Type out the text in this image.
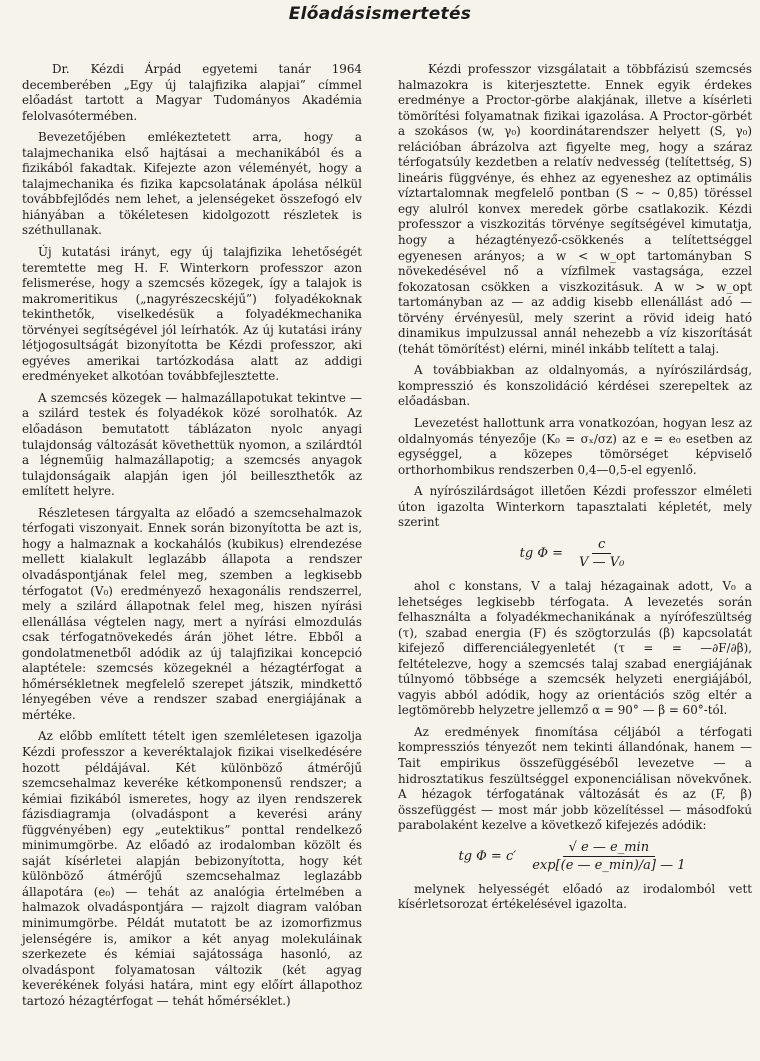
Előadásismertetés

Dr. Kézdi Árpád egyetemi tanár 1964 decemberében „Egy új talajfizika alapjai” címmel előadást tartott a Magyar Tudományos Akadémia felolvasótermében.

Bevezetőjében emlékeztetett arra, hogy a talajmechanika első hajtásai a mechanikából és a fizikából fakadtak. Kifejezte azon véleményét, hogy a talajmechanika és fizika kapcsolatának ápolása nélkül továbbfejlődés nem lehet, a jelenségeket összefogó elv hiányában a tökéletesen kidolgozott részletek is széthullanak.

Új kutatási irányt, egy új talajfizika lehetőségét teremtette meg H. F. Winterkorn professzor azon felismerése, hogy a szemcsés közegek, így a talajok is makromeritikus („nagyrészecskéjű”) folyadékoknak tekinthetők, viselkedésük a folyadékmechanika törvényei segítségével jól leírhatók. Az új kutatási irány létjogosultságát bizonyította be Kézdi professzor, aki egyéves amerikai tartózkodása alatt az addigi eredményeket alkotóan továbbfejlesztette.

A szemcsés közegek — halmazállapotukat tekintve — a szilárd testek és folyadékok közé sorolhatók. Az előadáson bemutatott táblázaton nyolc anyagi tulajdonság változását követhettük nyomon, a szilárdtól a légneműig halmazállapotig; a szemcsés anyagok tulajdonságaik alapján igen jól beilleszthetők az említett helyre.

Részletesen tárgyalta az előadó a szemcsehalmazok térfogati viszonyait. Ennek során bizonyította be azt is, hogy a halmaznak a kockahálós (kubikus) elrendezése mellett kialakult leglazább állapota a rendszer olvadáspontjának felel meg, szemben a legkisebb térfogatot (V₀) eredményező hexagonális rendszerrel, mely a szilárd állapotnak felel meg, hiszen nyírási ellenállása végtelen nagy, mert a nyírási elmozdulás csak térfogatnövekedés árán jöhet létre. Ebből a gondolatmenetből adódik az új talajfizikai koncepció alaptétele: szemcsés közegeknél a hézagtérfogat a hőmérsékletnek megfelelő szerepet játszik, mindkettő lényegében véve a rendszer szabad energiájának a mértéke.

Az előbb említett tételt igen szemléletesen igazolja Kézdi professzor a keveréktalajok fizikai viselkedésére hozott példájával. Két különböző átmérőjű szemcsehalmaz keveréke kétkomponensű rendszer; a kémiai fizikából ismeretes, hogy az ilyen rendszerek fázisdiagramja (olvadáspont a keverési arány függvényében) egy „eutektikus” ponttal rendelkező minimumgörbe. Az előadó az irodalomban közölt és saját kísérletei alapján bebizonyította, hogy két különböző átmérőjű szemcsehalmaz leglazább állapotára (e₀) — tehát az analógia értelmében a halmazok olvadáspontjára — rajzolt diagram valóban minimumgörbe. Példát mutatott be az izomorfizmus jelenségére is, amikor a két anyag molekuláinak szerkezete és kémiai sajátossága hasonló, az olvadáspont folyamatosan változik (két agyag keverékének folyási határa, mint egy előírt állapothoz tartozó hézagtérfogat — tehát hőmérséklet.)

Kézdi professzor vizsgálatait a többfázisú szemcsés halmazokra is kiterjesztette. Ennek egyik érdekes eredménye a Proctor-görbe alakjának, illetve a kísérleti tömörítési folyamatnak fizikai igazolása. A Proctor-görbét a szokásos (w, γ₀) koordinátarendszer helyett (S, γ₀) relációban ábrázolva azt figyelte meg, hogy a száraz térfogatsúly kezdetben a relatív nedvesség (telítettség, S) lineáris függvénye, és ehhez az egyeneshez az optimális víztartalomnak megfelelő pontban (S ∼ ∼ 0,85) töréssel egy alulról konvex meredek görbe csatlakozik. Kézdi professzor a viszkozitás törvénye segítségével kimutatja, hogy a hézagtényező-csökkenés a telítettséggel egyenesen arányos; a w < w_opt tartományban S növekedésével nő a vízfilmek vastagsága, ezzel fokozatosan csökken a viszkozitásuk. A w > w_opt tartományban az — az addig kisebb ellenállást adó — törvény érvényesül, mely szerint a rövid ideig ható dinamikus impulzussal annál nehezebb a víz kiszorítását (tehát tömörítést) elérni, minél inkább telített a talaj.

A továbbiakban az oldalnyomás, a nyírószilárdság, kompresszió és konszolidáció kérdései szerepeltek az előadásban.

Levezetést hallottunk arra vonatkozóan, hogyan lesz az oldalnyomás tényezője (K₀ = σₓ/σz) az e = e₀ esetben az egységgel, a közepes tömörséget képviselő orthorhombikus rendszerben 0,4—0,5-el egyenlő.

A nyírószilárdságot illetően Kézdi professzor elméleti úton igazolta Winterkorn tapasztalati képletét, mely szerint

tg $\Phi = \frac{c}{\text{V — V₀}}$

ahol c konstans, V a talaj hézagainak adott, V₀ a lehetséges legkisebb térfogata. A levezetés során felhasználta a folyadékmechanikának a nyírófeszültség (τ), szabad energia (F) és szögtorzulás (β) kapcsolatát kifejező differenciálegyenletét (τ = = —∂F/∂β), feltételezve, hogy a szemcsés talaj szabad energiájának túlnyomó többsége a szemcsék helyzeti energiájából, vagyis abból adódik, hogy az orientációs szög eltér a legtömörebb helyzetre jellemző α = 90° — β = 60°-tól.

Az eredmények finomítása céljából a térfogati kompressziós tényezőt nem tekinti állandónak, hanem — Tait empirikus összefüggéséből levezetve — a hidrosztatikus feszültséggel exponenciálisan növekvőnek. A hézagok térfogatának változását és az (F, β) összefüggést — most már jobb közelítéssel — másodfokú parabolaként kezelve a következő kifejezés adódik:

tg $\Phi = c' \frac{√ e — e\_\min}{\exp[(e — e\_\min)/a] — 1}$

melynek helyességét előadó az irodalomból vett kísérletsorozat értékelésével igazolta.
